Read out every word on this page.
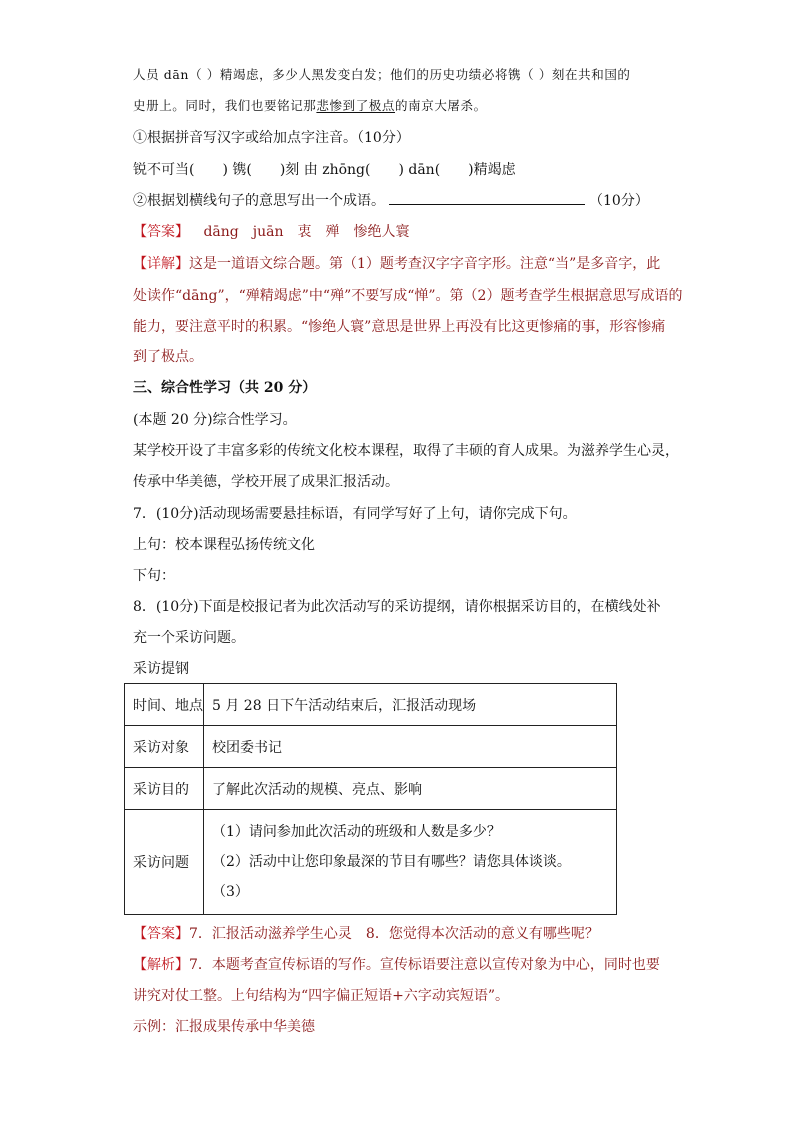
人员 dān（ ）精竭虑，多少人黑发变白发；他们的历史功绩必将镌（ ）刻在共和国的
史册上。同时，我们也要铭记那悲惨到了极点的南京大屠杀。
①根据拼音写汉字或给加点字注音。（10分）
锐不可当(　　) 镌(　　)刻 由 zhōng(　　) dān(　　)精竭虑
②根据划横线句子的意思写出一个成语。	（10分）
【答案】 dāng　juān　衷　殚　惨绝人寰
【详解】这是一道语文综合题。第（1）题考查汉字字音字形。注意“当”是多音字，此
处读作“dāng”，“殚精竭虑”中“殚”不要写成“惮”。第（2）题考查学生根据意思写成语的
能力，要注意平时的积累。“惨绝人寰”意思是世界上再没有比这更惨痛的事，形容惨痛
到了极点。
三、综合性学习（共 20 分）
(本题 20 分)综合性学习。
某学校开设了丰富多彩的传统文化校本课程，取得了丰硕的育人成果。为滋养学生心灵，
传承中华美德，学校开展了成果汇报活动。
7．(10分)活动现场需要悬挂标语，有同学写好了上句，请你完成下句。
上句：校本课程弘扬传统文化
下句：
8．(10分)下面是校报记者为此次活动写的采访提纲，请你根据采访目的，在横线处补
充一个采访问题。
采访提钢
时间、地点	5 月 28 日下午活动结束后，汇报活动现场
采访对象	校团委书记
采访目的	了解此次活动的规模、亮点、影响
采访问题	（1）请问参加此次活动的班级和人数是多少？
（2）活动中让您印象最深的节目有哪些？请您具体谈谈。
（3）
【答案】7．汇报活动滋养学生心灵　8．您觉得本次活动的意义有哪些呢？
【解析】7．本题考查宣传标语的写作。宣传标语要注意以宣传对象为中心，同时也要
讲究对仗工整。上句结构为“四字偏正短语+六字动宾短语”。
示例：汇报成果传承中华美德
